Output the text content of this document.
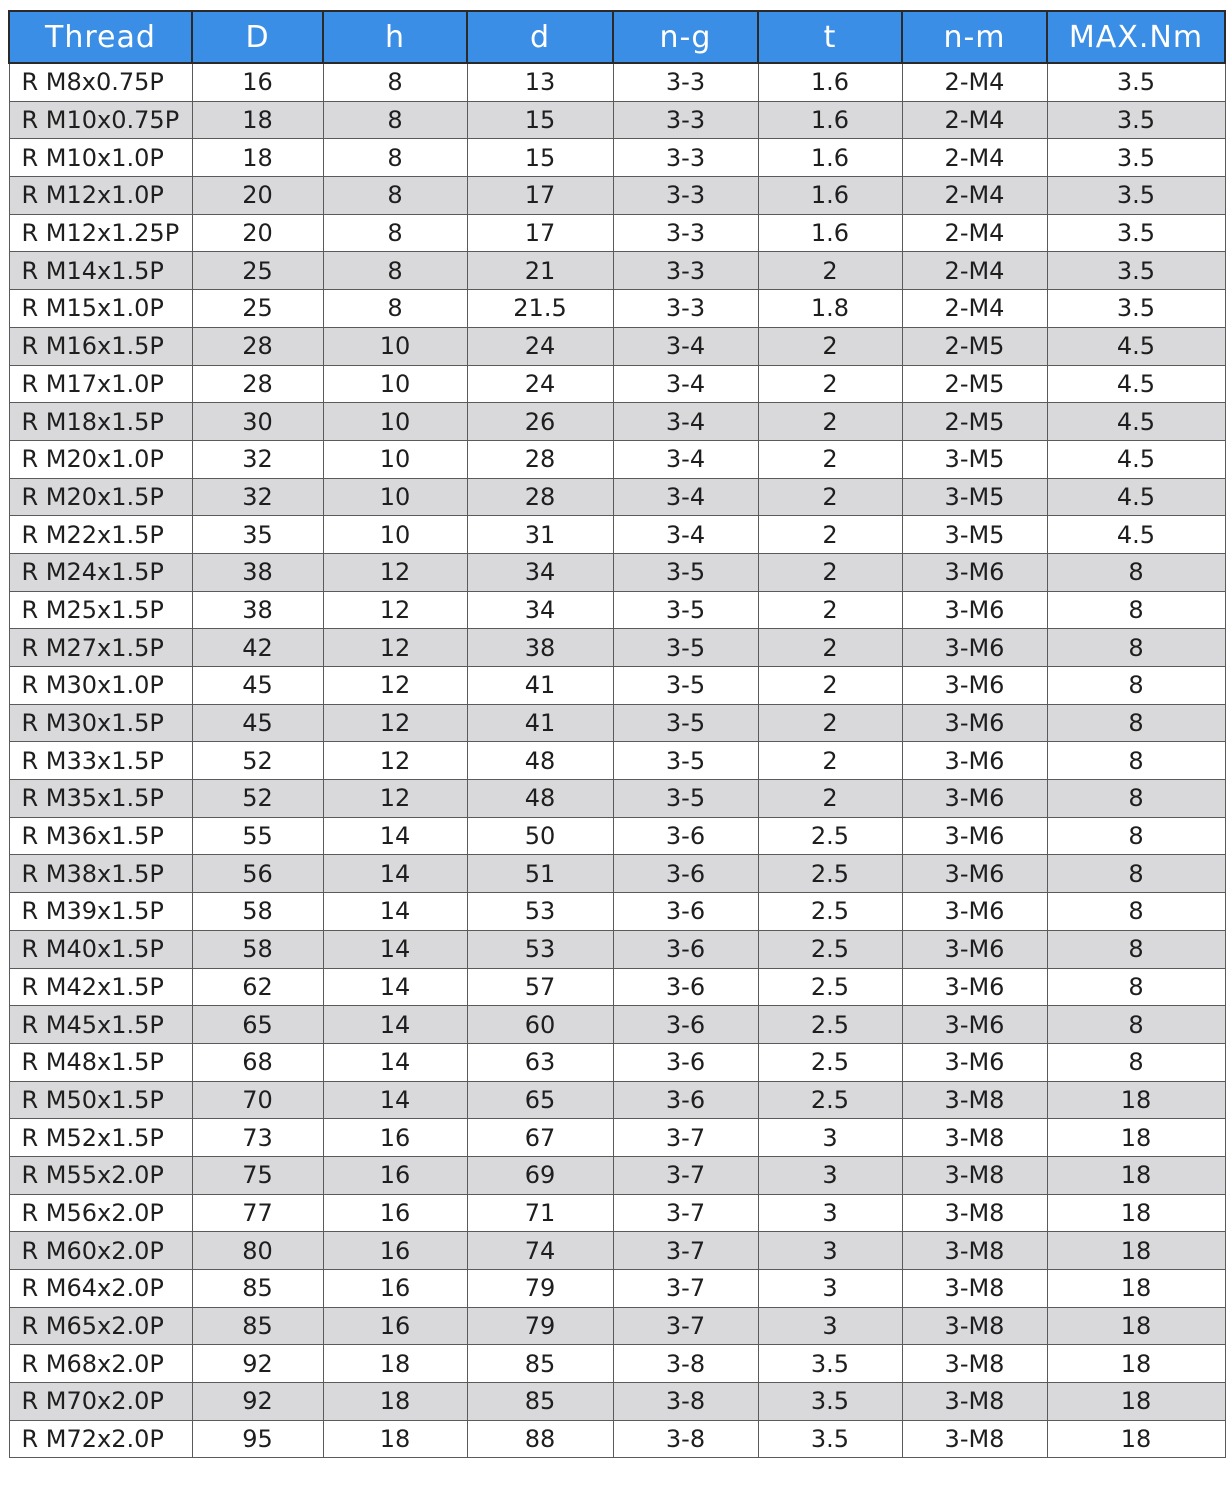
Thread	D	h	d	n-g	t	n-m	MAX.Nm
R M8x0.75P	16	8	13	3-3	1.6	2-M4	3.5
R M10x0.75P	18	8	15	3-3	1.6	2-M4	3.5
R M10x1.0P	18	8	15	3-3	1.6	2-M4	3.5
R M12x1.0P	20	8	17	3-3	1.6	2-M4	3.5
R M12x1.25P	20	8	17	3-3	1.6	2-M4	3.5
R M14x1.5P	25	8	21	3-3	2	2-M4	3.5
R M15x1.0P	25	8	21.5	3-3	1.8	2-M4	3.5
R M16x1.5P	28	10	24	3-4	2	2-M5	4.5
R M17x1.0P	28	10	24	3-4	2	2-M5	4.5
R M18x1.5P	30	10	26	3-4	2	2-M5	4.5
R M20x1.0P	32	10	28	3-4	2	3-M5	4.5
R M20x1.5P	32	10	28	3-4	2	3-M5	4.5
R M22x1.5P	35	10	31	3-4	2	3-M5	4.5
R M24x1.5P	38	12	34	3-5	2	3-M6	8
R M25x1.5P	38	12	34	3-5	2	3-M6	8
R M27x1.5P	42	12	38	3-5	2	3-M6	8
R M30x1.0P	45	12	41	3-5	2	3-M6	8
R M30x1.5P	45	12	41	3-5	2	3-M6	8
R M33x1.5P	52	12	48	3-5	2	3-M6	8
R M35x1.5P	52	12	48	3-5	2	3-M6	8
R M36x1.5P	55	14	50	3-6	2.5	3-M6	8
R M38x1.5P	56	14	51	3-6	2.5	3-M6	8
R M39x1.5P	58	14	53	3-6	2.5	3-M6	8
R M40x1.5P	58	14	53	3-6	2.5	3-M6	8
R M42x1.5P	62	14	57	3-6	2.5	3-M6	8
R M45x1.5P	65	14	60	3-6	2.5	3-M6	8
R M48x1.5P	68	14	63	3-6	2.5	3-M6	8
R M50x1.5P	70	14	65	3-6	2.5	3-M8	18
R M52x1.5P	73	16	67	3-7	3	3-M8	18
R M55x2.0P	75	16	69	3-7	3	3-M8	18
R M56x2.0P	77	16	71	3-7	3	3-M8	18
R M60x2.0P	80	16	74	3-7	3	3-M8	18
R M64x2.0P	85	16	79	3-7	3	3-M8	18
R M65x2.0P	85	16	79	3-7	3	3-M8	18
R M68x2.0P	92	18	85	3-8	3.5	3-M8	18
R M70x2.0P	92	18	85	3-8	3.5	3-M8	18
R M72x2.0P	95	18	88	3-8	3.5	3-M8	18
